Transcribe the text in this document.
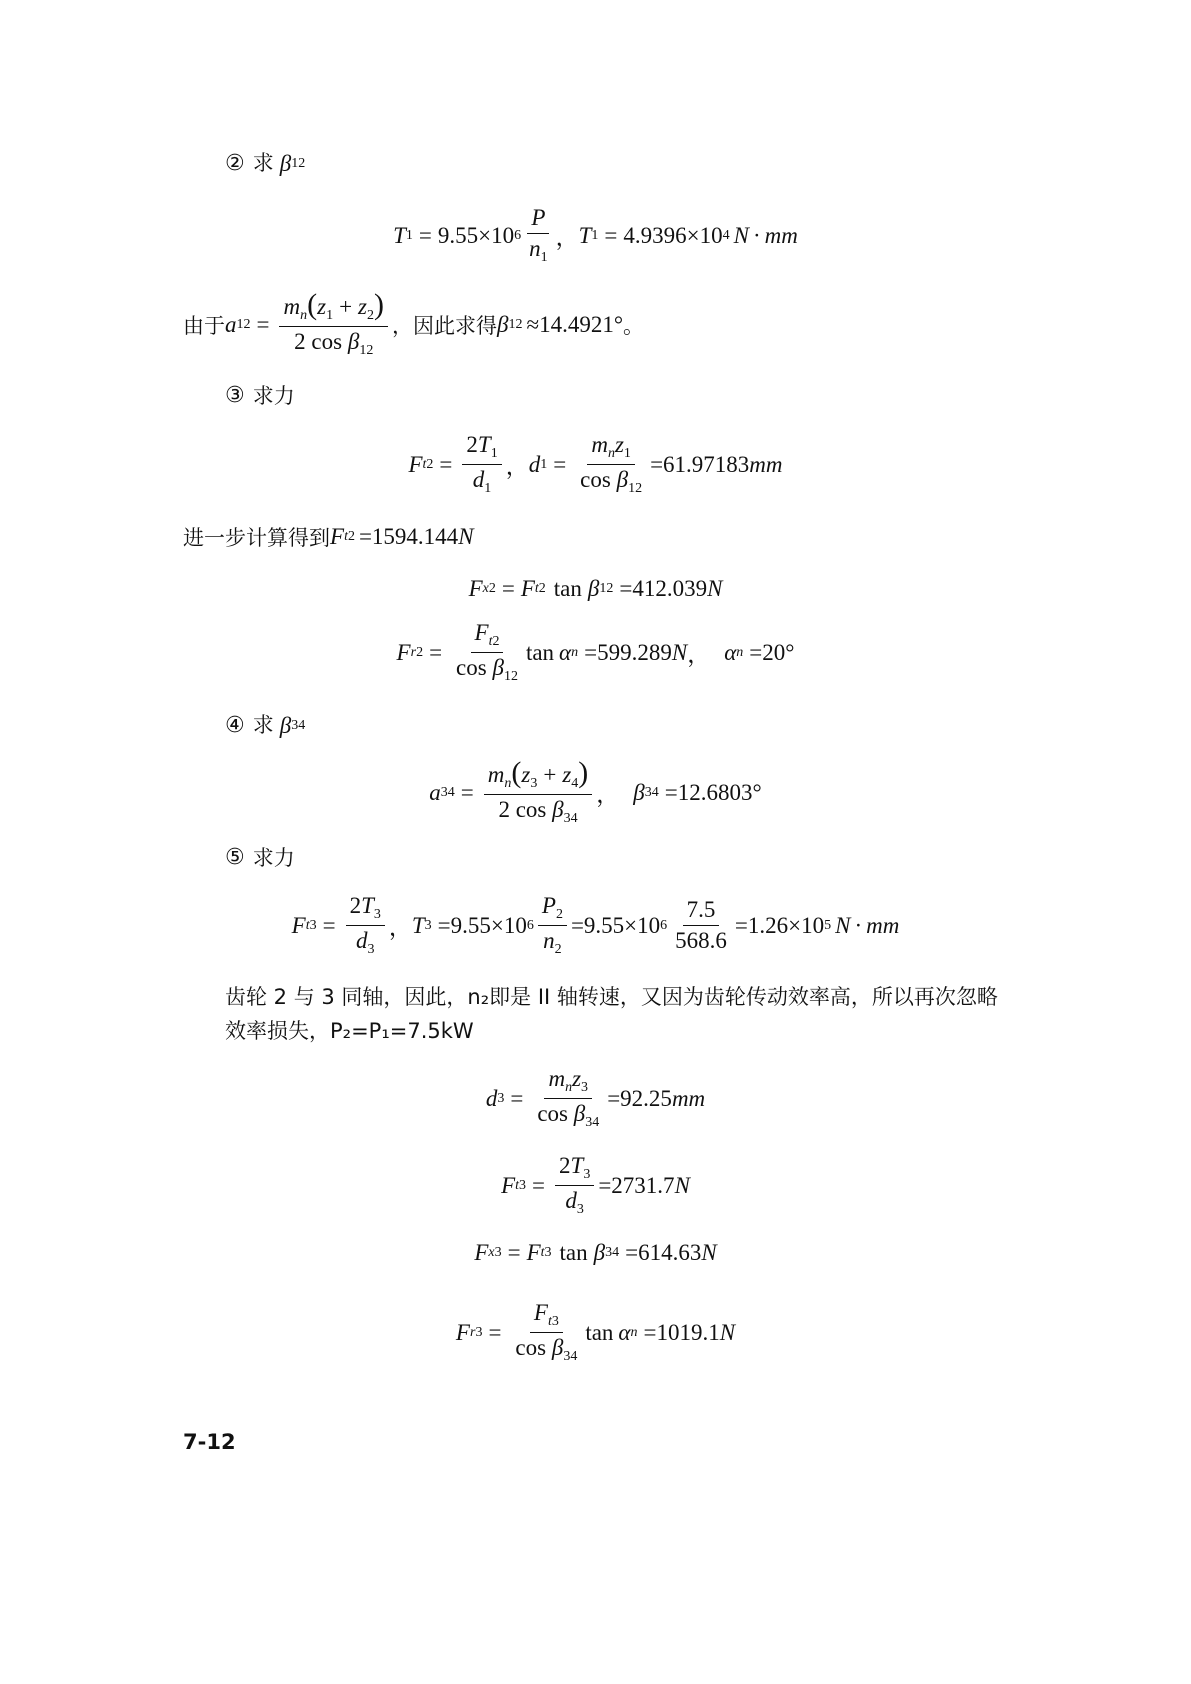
② 求 β 12
T 1 = 9.55×10 $6 \frac{P}{n_1}$ ， T 1 = 4.9396×10 4 N · mm
由于 a $12 = \frac{m_n(z_1 + z_2)}{2 \cos \beta_{12}}$ ，因此求得 β 12 ≈14.4921° 。
③ 求力
F $t2 = \frac{2T_1}{d_1}$ ， d $1 = \frac{m_nz_1}{\cos \beta_{12}} =61.97183$ mm
进一步计算得到 F t2 =1594.144 N
F x2 = F t2 tan β 12 =412.039 N
F $r2 = \frac{F_{t2}}{\cos \beta_{12}}$ tan α n =599.289 N ， α n =20°
④ 求 β 34
a $34 = \frac{m_n(z_3 + z_4)}{2 \cos \beta_{34}}$ ， β 34 =12.6803°
⑤ 求力
F $t3 = \frac{2T_3}{d_3}$ ， T 3 =9.55×10 $6 \frac{P_2}{n_2} =9.55\times 10$ $6 \frac{7.5}{568.6} =1.26\times 10$ 5 N · mm
齿轮 2 与 3 同轴，因此，n₂即是 II 轴转速，又因为齿轮传动效率高，所以再次忽略
效率损失，P₂=P₁=7.5kW
d $3 = \frac{m_nz_3}{\cos \beta_{34}} =92.25$ mm
F $t3 = \frac{2T_3}{d_3} =2731.7$ N
F x3 = F t3 tan β 34 =614.63 N
F $r3 = \frac{F_{t3}}{\cos \beta_{34}}$ tan α n =1019.1 N
7-12
